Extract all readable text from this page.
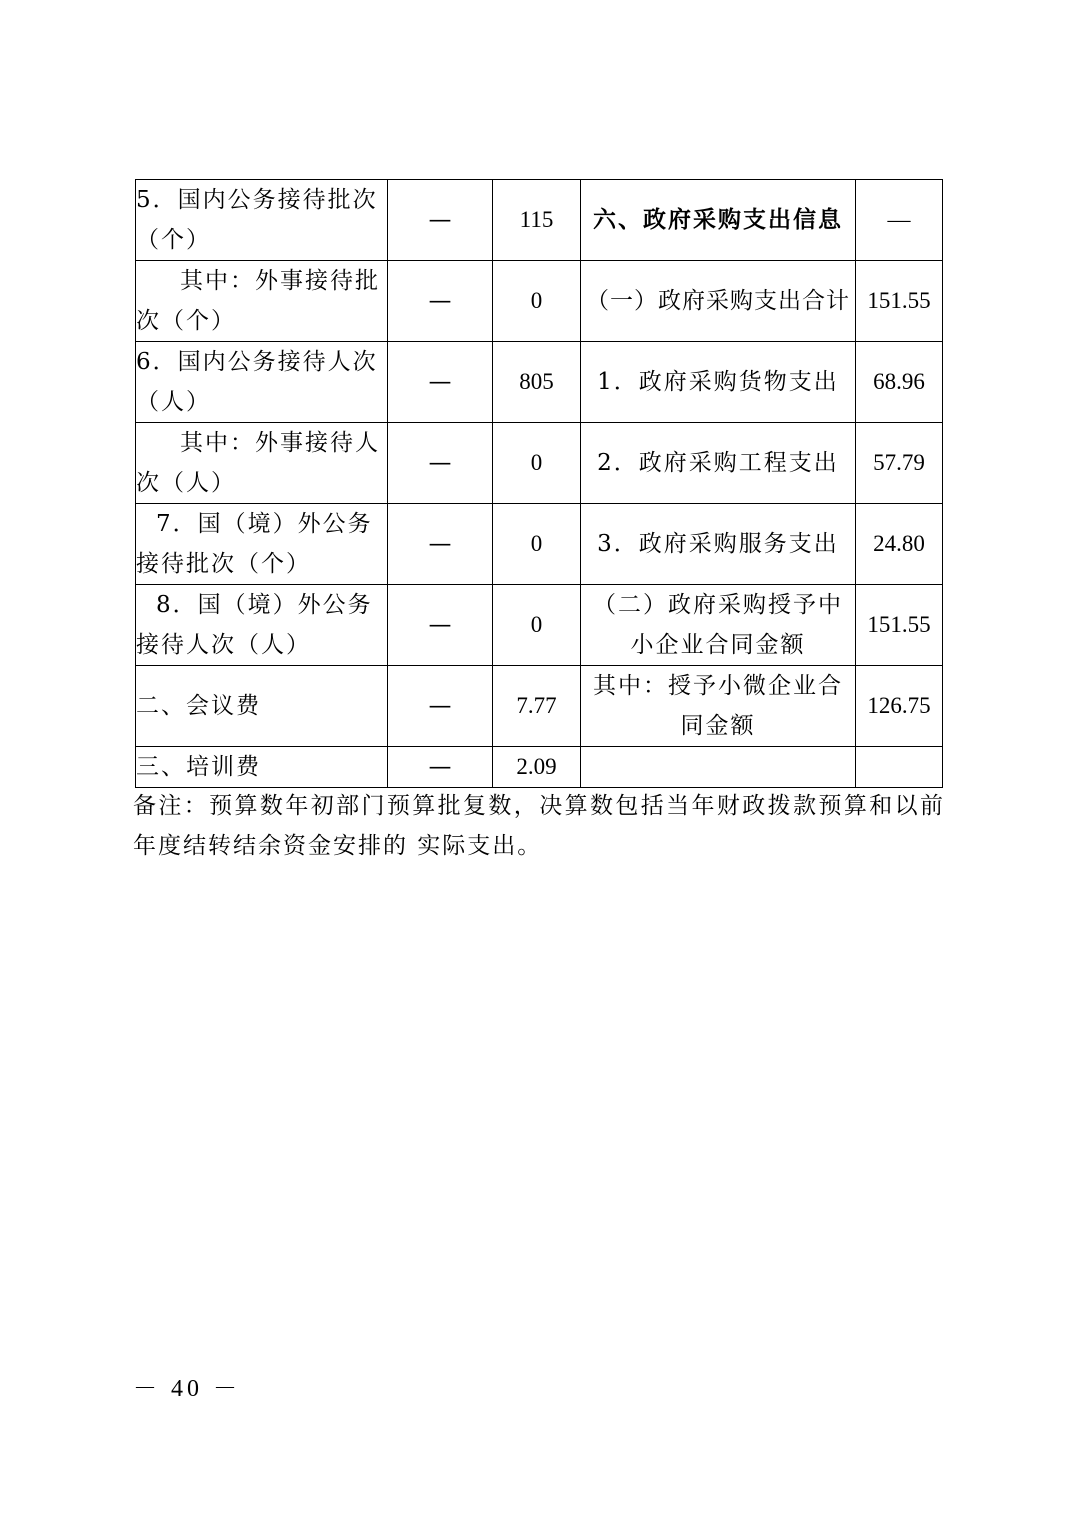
5．国内公务接待批次（个）	—	115	六、政府采购支出信息	—
其中：外事接待批次（个）	—	0	（一）政府采购支出合计	151.55
6．国内公务接待人次（人）	—	805	1．政府采购货物支出	68.96
其中：外事接待人次（人）	—	0	2．政府采购工程支出	57.79
7．国（境）外公务接待批次（个）	—	0	3．政府采购服务支出	24.80
8．国（境）外公务接待人次（人）	—	0	（二）政府采购授予中小企业合同金额	151.55
二、会议费	—	7.77	其中：授予小微企业合同金额	126.75
三、培训费	—	2.09		
备注：预算数年初部门预算批复数，决算数包括当年财政拨款预算和以前年度结转结余资金安排的 实际支出。
－ 40 －
